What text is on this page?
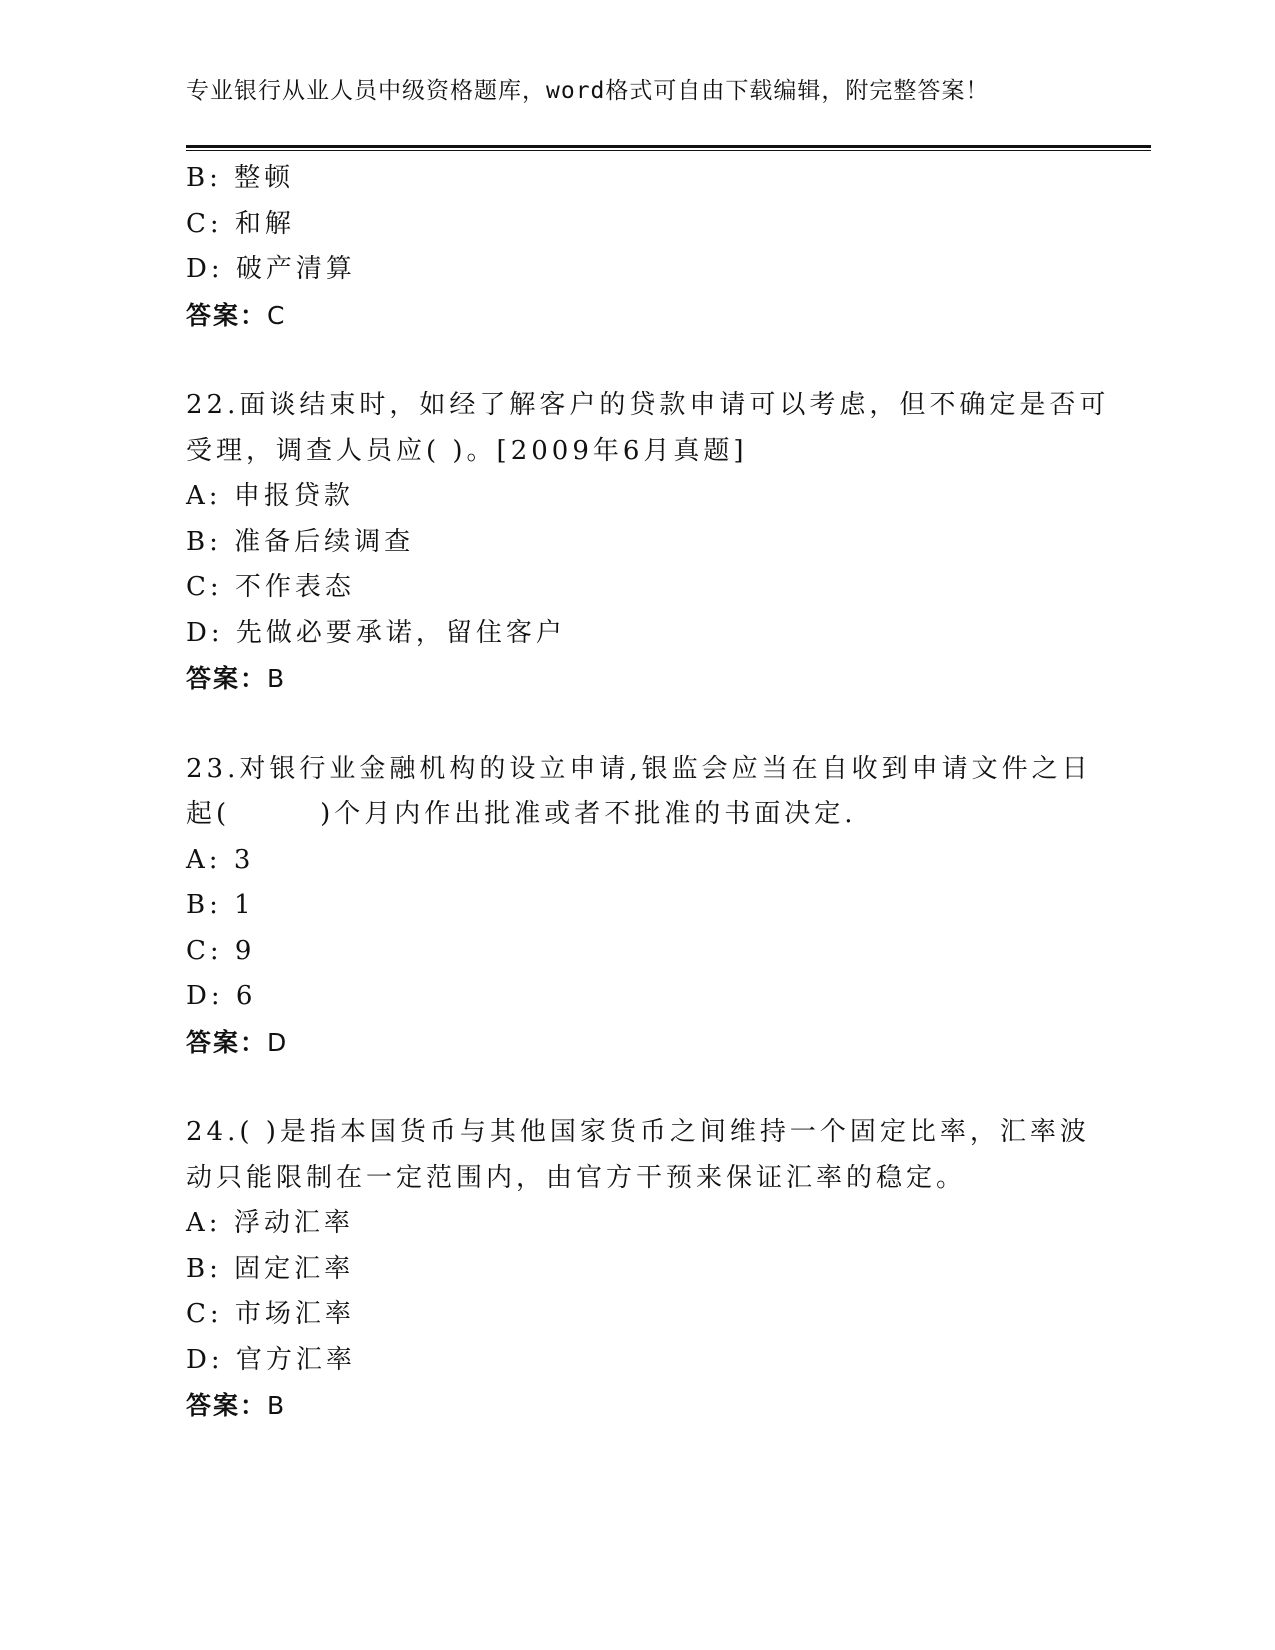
专业银行从业人员中级资格题库，word格式可自由下载编辑，附完整答案！
B: 整顿
C: 和解
D: 破产清算
答案：C
22.面谈结束时，如经了解客户的贷款申请可以考虑，但不确定是否可
受理，调查人员应( )。[2009年6月真题]
A: 申报贷款
B: 准备后续调查
C: 不作表态
D: 先做必要承诺，留住客户
答案：B
23.对银行业金融机构的设立申请,银监会应当在自收到申请文件之日
起(　　　)个月内作出批准或者不批准的书面决定.
A: 3
B: 1
C: 9
D: 6
答案：D
24.( )是指本国货币与其他国家货币之间维持一个固定比率，汇率波
动只能限制在一定范围内，由官方干预来保证汇率的稳定。
A: 浮动汇率
B: 固定汇率
C: 市场汇率
D: 官方汇率
答案：B
